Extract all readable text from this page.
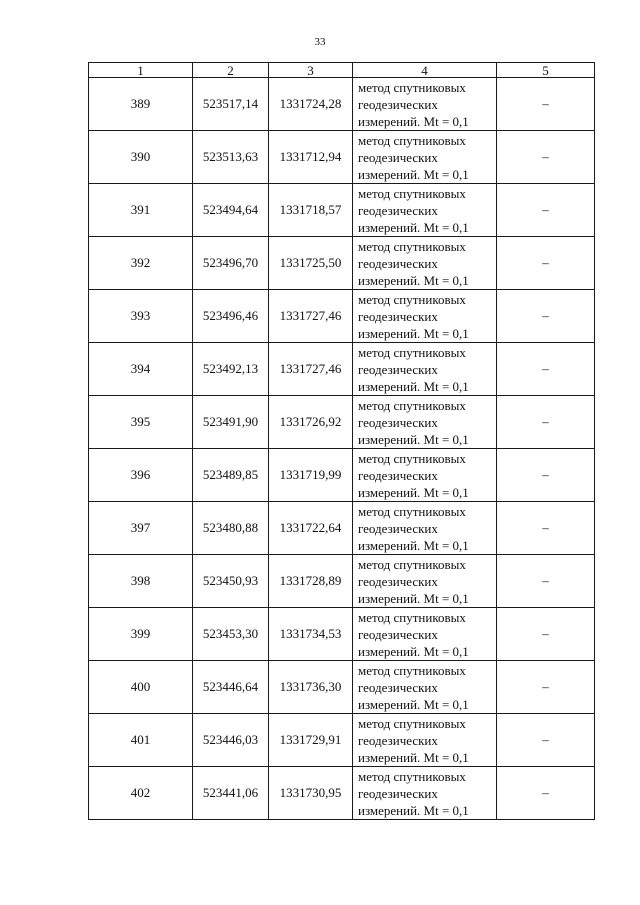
33
1	2	3	4	5
389	523517,14	1331724,28	метод спутниковых
геодезических
измерений. Mt = 0,1	–
390	523513,63	1331712,94	метод спутниковых
геодезических
измерений. Mt = 0,1	–
391	523494,64	1331718,57	метод спутниковых
геодезических
измерений. Mt = 0,1	–
392	523496,70	1331725,50	метод спутниковых
геодезических
измерений. Mt = 0,1	–
393	523496,46	1331727,46	метод спутниковых
геодезических
измерений. Mt = 0,1	–
394	523492,13	1331727,46	метод спутниковых
геодезических
измерений. Mt = 0,1	–
395	523491,90	1331726,92	метод спутниковых
геодезических
измерений. Mt = 0,1	–
396	523489,85	1331719,99	метод спутниковых
геодезических
измерений. Mt = 0,1	–
397	523480,88	1331722,64	метод спутниковых
геодезических
измерений. Mt = 0,1	–
398	523450,93	1331728,89	метод спутниковых
геодезических
измерений. Mt = 0,1	–
399	523453,30	1331734,53	метод спутниковых
геодезических
измерений. Mt = 0,1	–
400	523446,64	1331736,30	метод спутниковых
геодезических
измерений. Mt = 0,1	–
401	523446,03	1331729,91	метод спутниковых
геодезических
измерений. Mt = 0,1	–
402	523441,06	1331730,95	метод спутниковых
геодезических
измерений. Mt = 0,1	–
